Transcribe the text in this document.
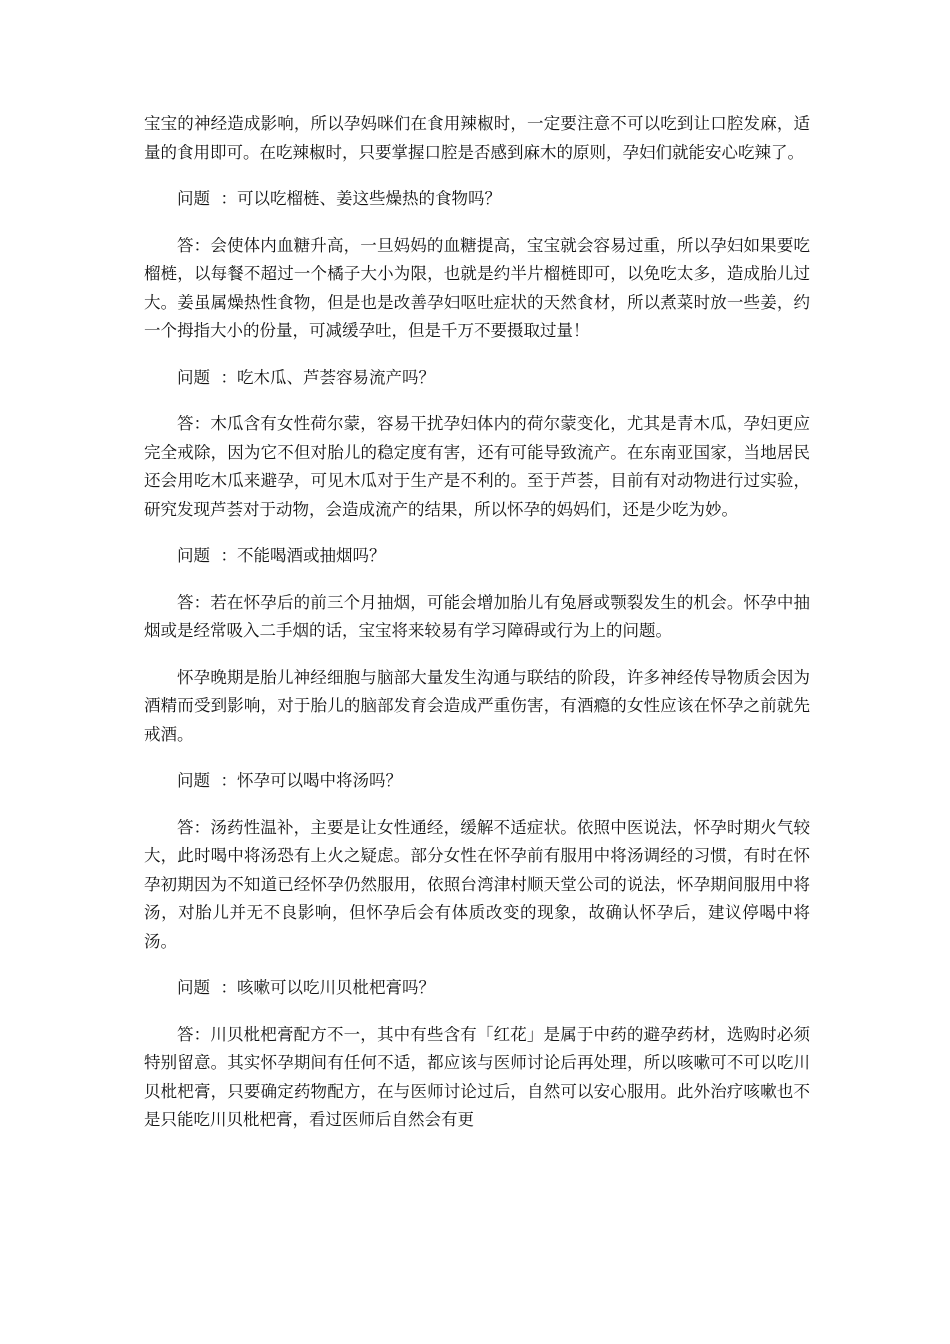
宝宝的神经造成影响，所以孕妈咪们在食用辣椒时，一定要注意不可以吃到让口腔发麻，适量的食用即可。在吃辣椒时，只要掌握口腔是否感到麻木的原则，孕妇们就能安心吃辣了。

问题  ：可以吃榴梿、姜这些燥热的食物吗？

答：会使体内血糖升高，一旦妈妈的血糖提高，宝宝就会容易过重，所以孕妇如果要吃榴梿，以每餐不超过一个橘子大小为限，也就是约半片榴梿即可，以免吃太多，造成胎儿过大。姜虽属燥热性食物，但是也是改善孕妇呕吐症状的天然食材，所以煮菜时放一些姜，约一个拇指大小的份量，可减缓孕吐，但是千万不要摄取过量！

问题  ：吃木瓜、芦荟容易流产吗？

答：木瓜含有女性荷尔蒙，容易干扰孕妇体内的荷尔蒙变化，尤其是青木瓜，孕妇更应完全戒除，因为它不但对胎儿的稳定度有害，还有可能导致流产。在东南亚国家，当地居民还会用吃木瓜来避孕，可见木瓜对于生产是不利的。至于芦荟，目前有对动物进行过实验，研究发现芦荟对于动物，会造成流产的结果，所以怀孕的妈妈们，还是少吃为妙。

问题  ：不能喝酒或抽烟吗？

答：若在怀孕后的前三个月抽烟，可能会增加胎儿有兔唇或颚裂发生的机会。怀孕中抽烟或是经常吸入二手烟的话，宝宝将来较易有学习障碍或行为上的问题。

怀孕晚期是胎儿神经细胞与脑部大量发生沟通与联结的阶段，许多神经传导物质会因为酒精而受到影响，对于胎儿的脑部发育会造成严重伤害，有酒瘾的女性应该在怀孕之前就先戒酒。

问题  ：怀孕可以喝中将汤吗？

答：汤药性温补，主要是让女性通经，缓解不适症状。依照中医说法，怀孕时期火气较大，此时喝中将汤恐有上火之疑虑。部分女性在怀孕前有服用中将汤调经的习惯，有时在怀孕初期因为不知道已经怀孕仍然服用，依照台湾津村顺天堂公司的说法，怀孕期间服用中将汤，对胎儿并无不良影响，但怀孕后会有体质改变的现象，故确认怀孕后，建议停喝中将汤。

问题  ：咳嗽可以吃川贝枇杷膏吗？

答：川贝枇杷膏配方不一，其中有些含有「红花」是属于中药的避孕药材，选购时必须特别留意。其实怀孕期间有任何不适，都应该与医师讨论后再处理，所以咳嗽可不可以吃川贝枇杷膏，只要确定药物配方，在与医师讨论过后，自然可以安心服用。此外治疗咳嗽也不是只能吃川贝枇杷膏，看过医师后自然会有更
